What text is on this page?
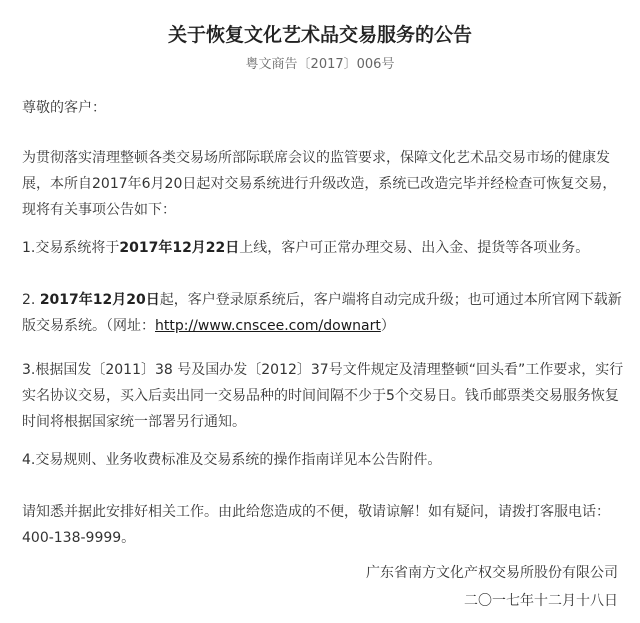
关于恢复文化艺术品交易服务的公告
粤文商告〔2017〕006号
尊敬的客户：
为贯彻落实清理整顿各类交易场所部际联席会议的监管要求，保障文化艺术品交易市场的健康发展，本所自2017年6月20日起对交易系统进行升级改造，系统已改造完毕并经检查可恢复交易，现将有关事项公告如下：
1.交易系统将于2017年12月22日上线，客户可正常办理交易、出入金、提货等各项业务。
2. 2017年12月20日起，客户登录原系统后，客户端将自动完成升级；也可通过本所官网下载新版交易系统。（网址：http://www.cnscee.com/downart）
3.根据国发〔2011〕38 号及国办发〔2012〕37号文件规定及清理整顿“回头看”工作要求，实行实名协议交易，买入后卖出同一交易品种的时间间隔不少于5个交易日。钱币邮票类交易服务恢复时间将根据国家统一部署另行通知。
4.交易规则、业务收费标准及交易系统的操作指南详见本公告附件。
请知悉并据此安排好相关工作。由此给您造成的不便，敬请谅解！如有疑问，请拨打客服电话：400-138-9999。
广东省南方文化产权交易所股份有限公司
二〇一七年十二月十八日
